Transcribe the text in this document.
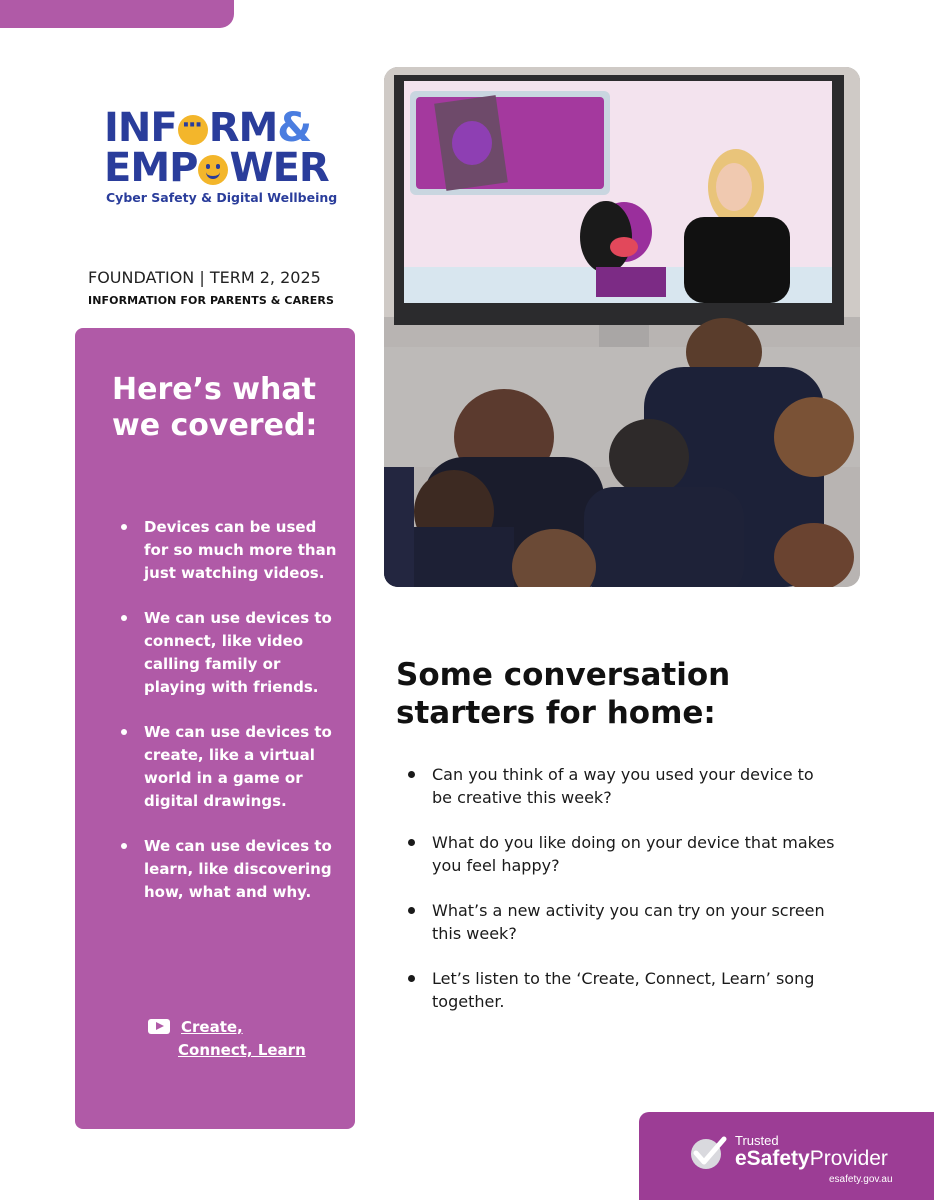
INF··· RM&
EMP WER
Cyber Safety & Digital Wellbeing
FOUNDATION | TERM 2, 2025
INFORMATION FOR PARENTS & CARERS
Here’s what we covered:
Devices can be used for so much more than just watching videos.
We can use devices to connect, like video calling family or playing with friends.
We can use devices to create, like a virtual world in a game or digital drawings.
We can use devices to learn, like discovering how, what and why.
Create,
Connect, Learn
Some conversation starters for home:
Can you think of a way you used your device to be creative this week?
What do you like doing on your device that makes you feel happy?
What’s a new activity you can try on your screen this week?
Let’s listen to the ‘Create, Connect, Learn’ song together.
Trusted
eSafetyProvider
esafety.gov.au
